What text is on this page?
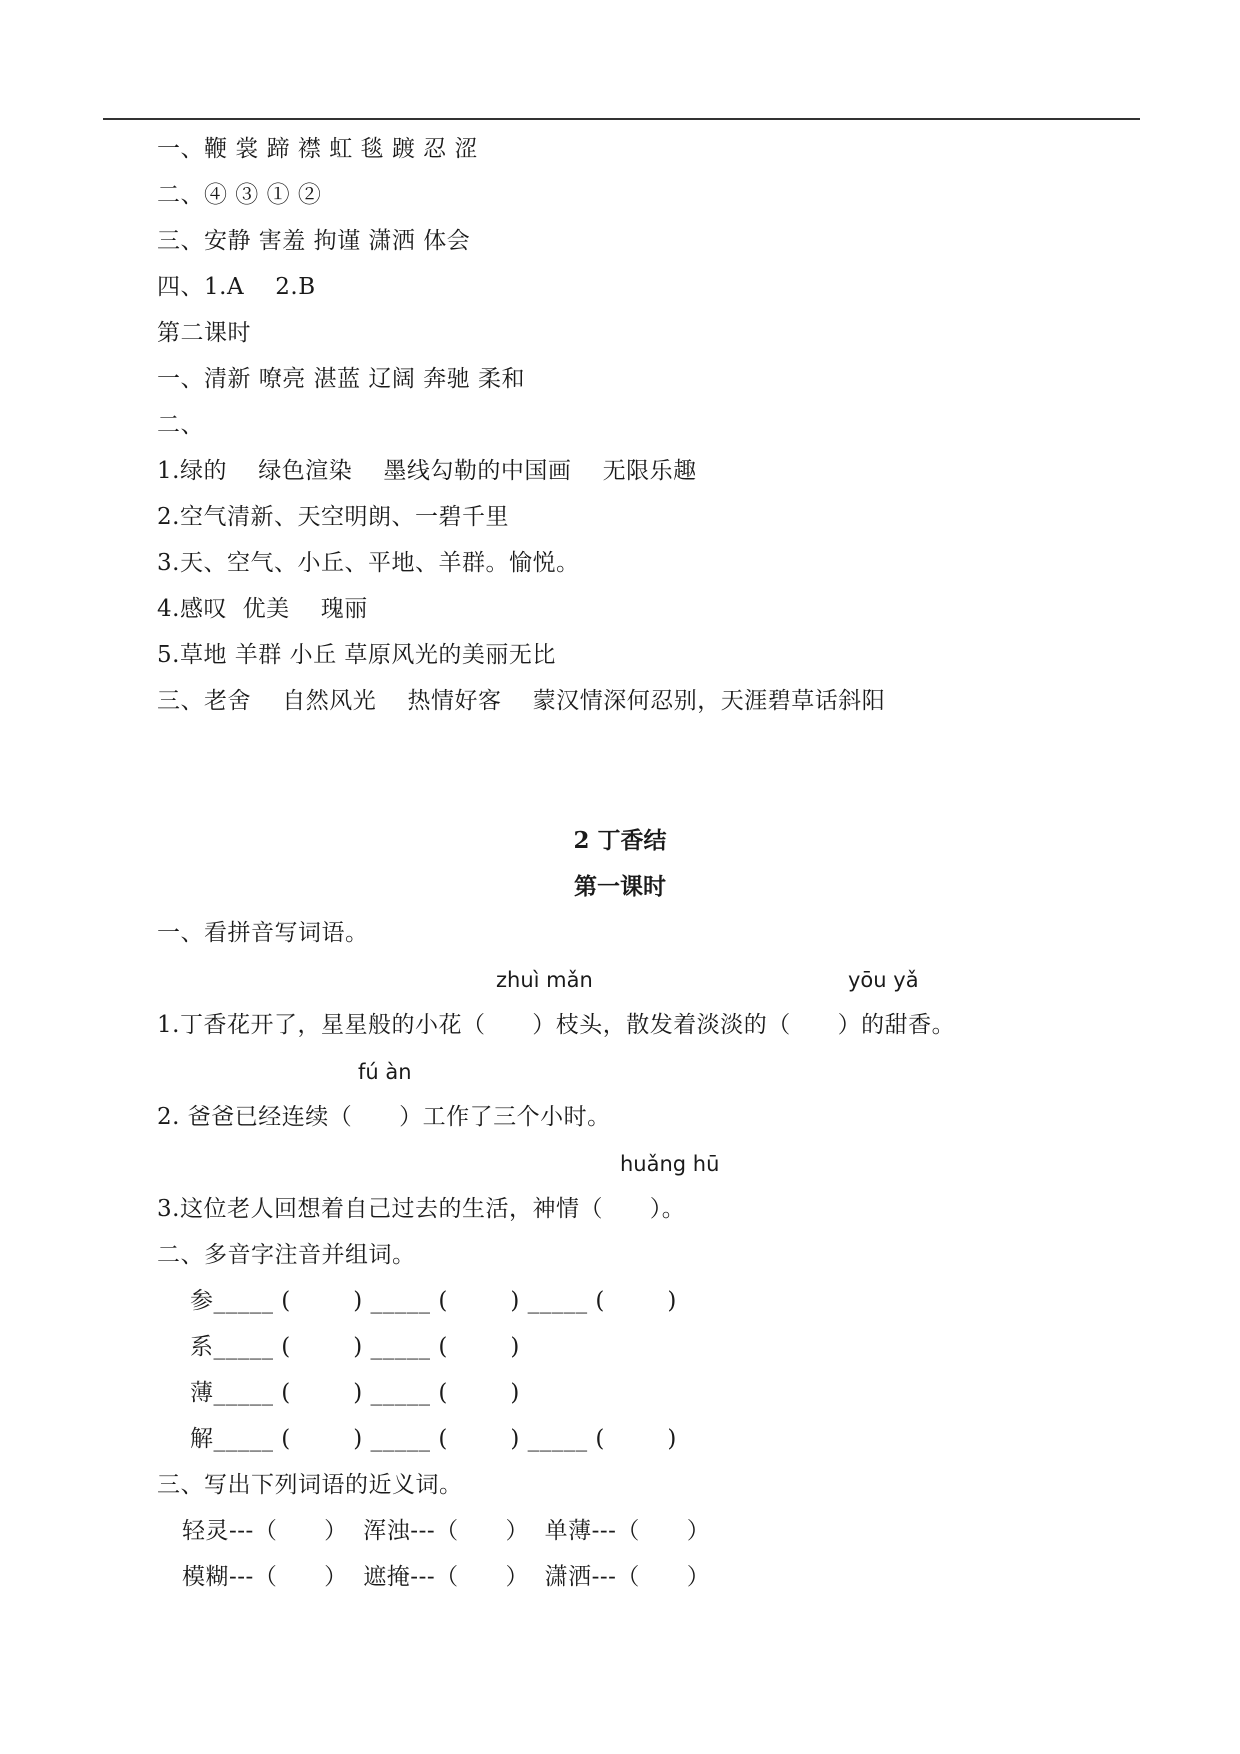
一、鞭 裳 蹄 襟 虹 毯 踱 忍 涩
二、④ ③ ① ②
三、安静 害羞 拘谨 潇洒 体会
四、1.A    2.B
第二课时
一、清新 嘹亮 湛蓝 辽阔 奔驰 柔和
二、
1.绿的    绿色渲染    墨线勾勒的中国画    无限乐趣
2.空气清新、天空明朗、一碧千里
3.天、空气、小丘、平地、羊群。愉悦。
4.感叹  优美    瑰丽
5.草地 羊群 小丘 草原风光的美丽无比
三、老舍    自然风光    热情好客    蒙汉情深何忍别，天涯碧草话斜阳
2 丁香结
第一课时
一、看拼音写词语。
zhuì mǎn	yōu yǎ
1.丁香花开了，星星般的小花（      ）枝头，散发着淡淡的（      ）的甜香。
fú àn
2. 爸爸已经连续（      ）工作了三个小时。
huǎng hū
3.这位老人回想着自己过去的生活，神情（      ）。
二、多音字注音并组词。
参_____ (        ) _____ (        ) _____ (        )
系_____ (        ) _____ (        )
薄_____ (        ) _____ (        )
解_____ (        ) _____ (        ) _____ (        )
三、写出下列词语的近义词。
轻灵---（      ）  浑浊---（      ）  单薄---（      ）
模糊---（      ）  遮掩---（      ）  潇洒---（      ）
